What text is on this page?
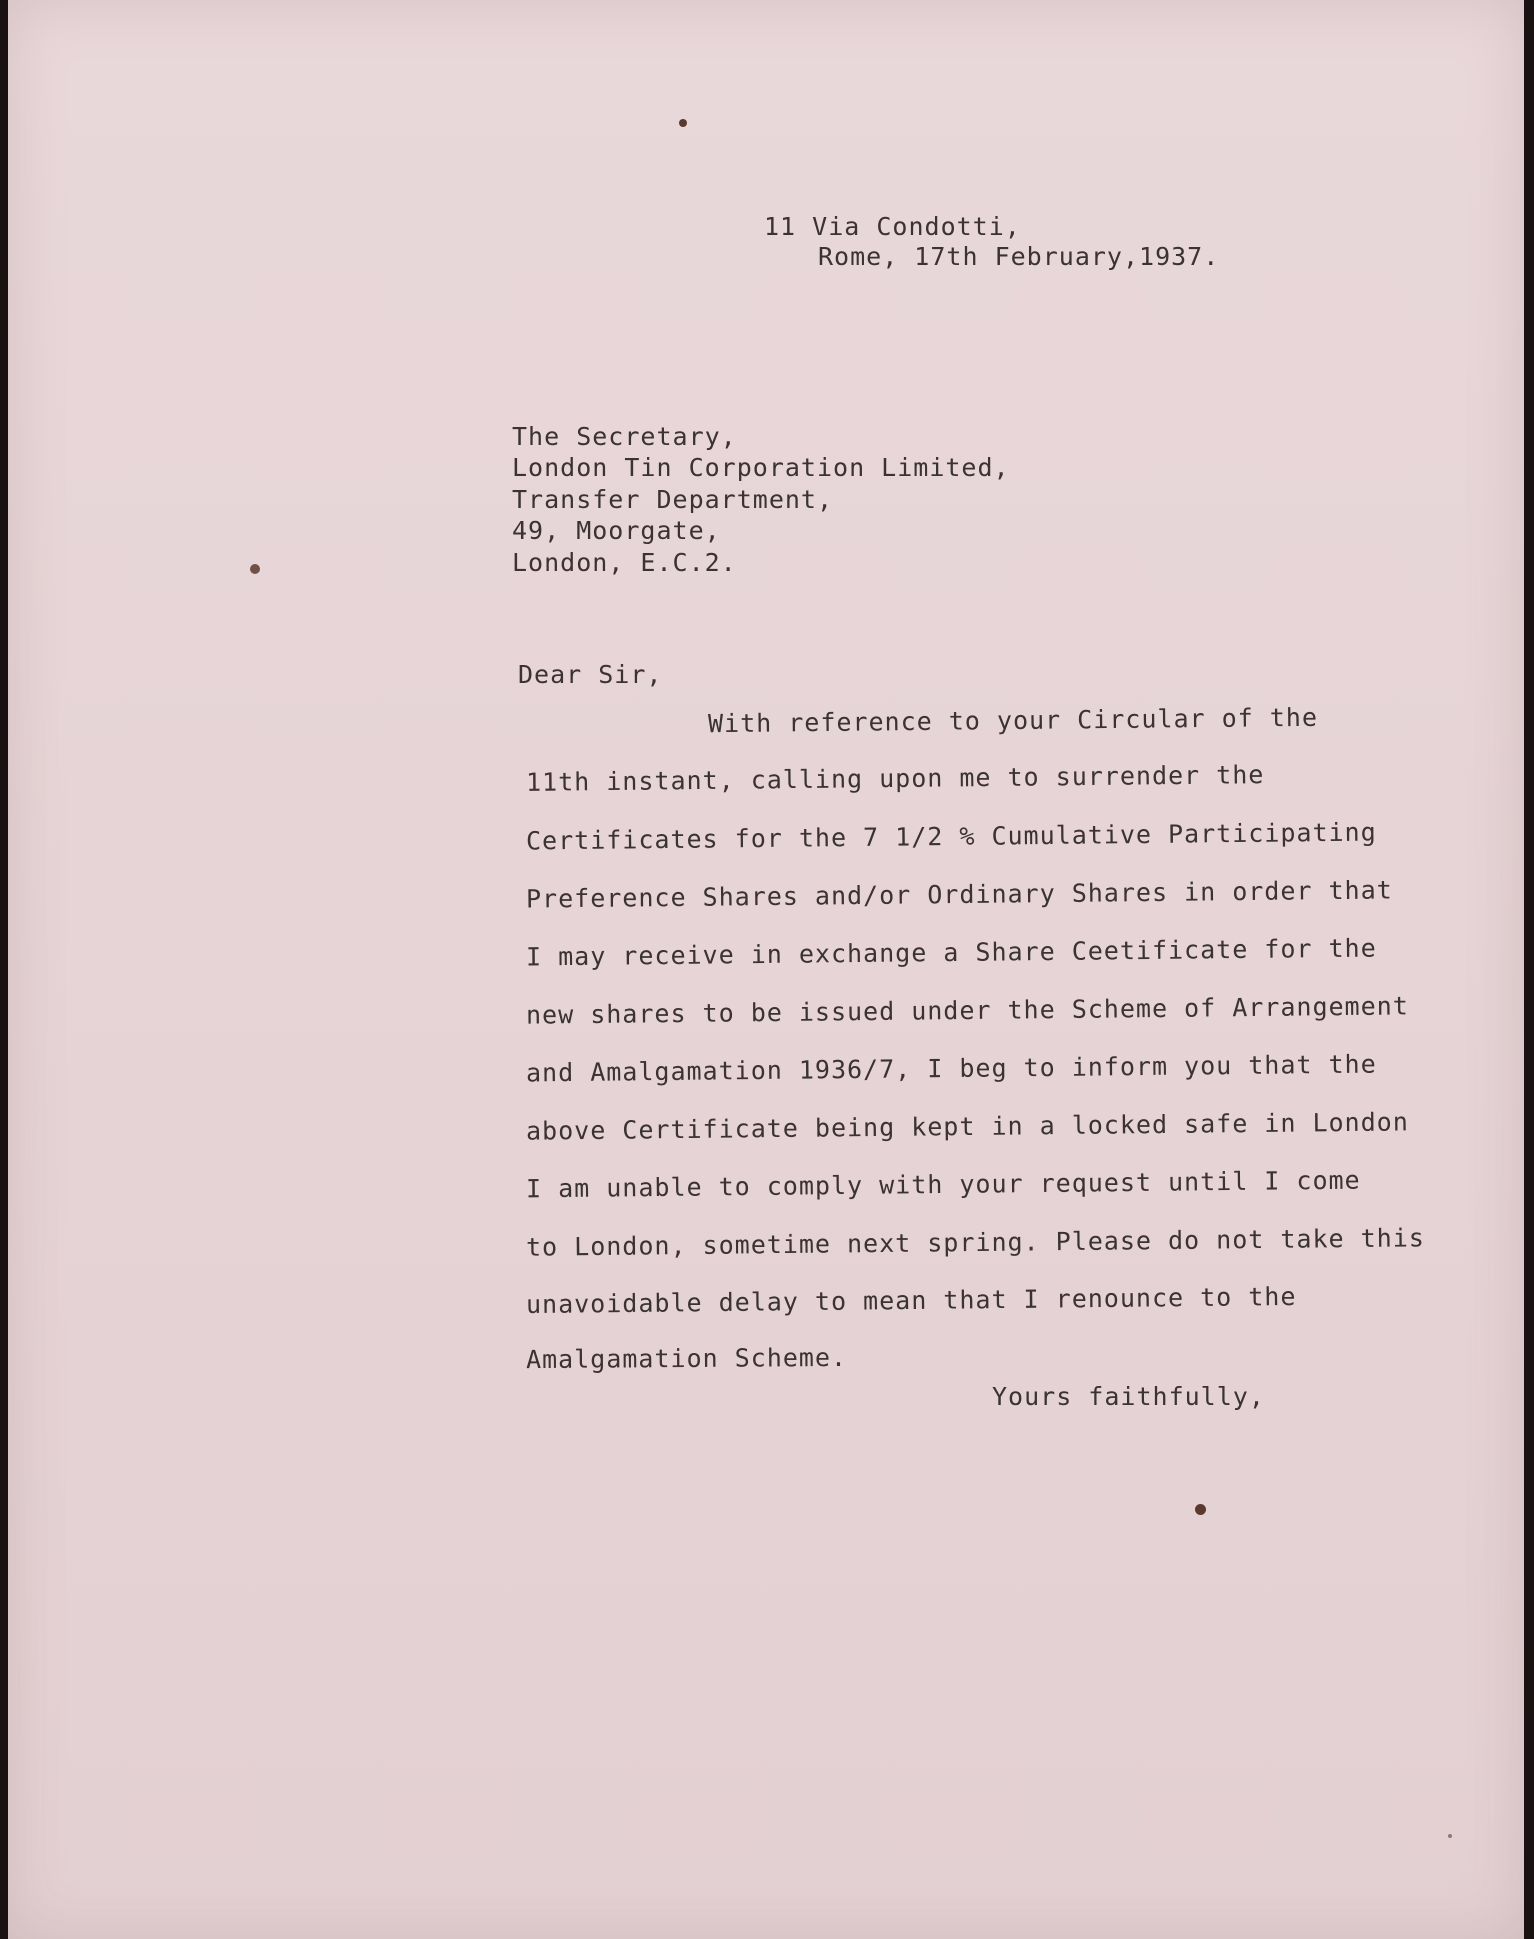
11 Via Condotti,

Rome, 17th February,1937.

The Secretary,

London Tin Corporation Limited,

Transfer Department,

49, Moorgate,

London, E.C.2.

Dear Sir,

With reference to your Circular of the

11th instant, calling upon me to surrender the

Certificates for the 7 1/2 % Cumulative Participating

Preference Shares and/or Ordinary Shares in order that

I may receive in exchange a Share Ceetificate for the

new shares to be issued under the Scheme of Arrangement

and Amalgamation 1936/7, I beg to inform you that the

above Certificate being kept in a locked safe in London

I am unable to comply with your request until I come

to London, sometime next spring. Please do not take this

unavoidable delay to mean that I renounce to the

Amalgamation Scheme.

Yours faithfully,
